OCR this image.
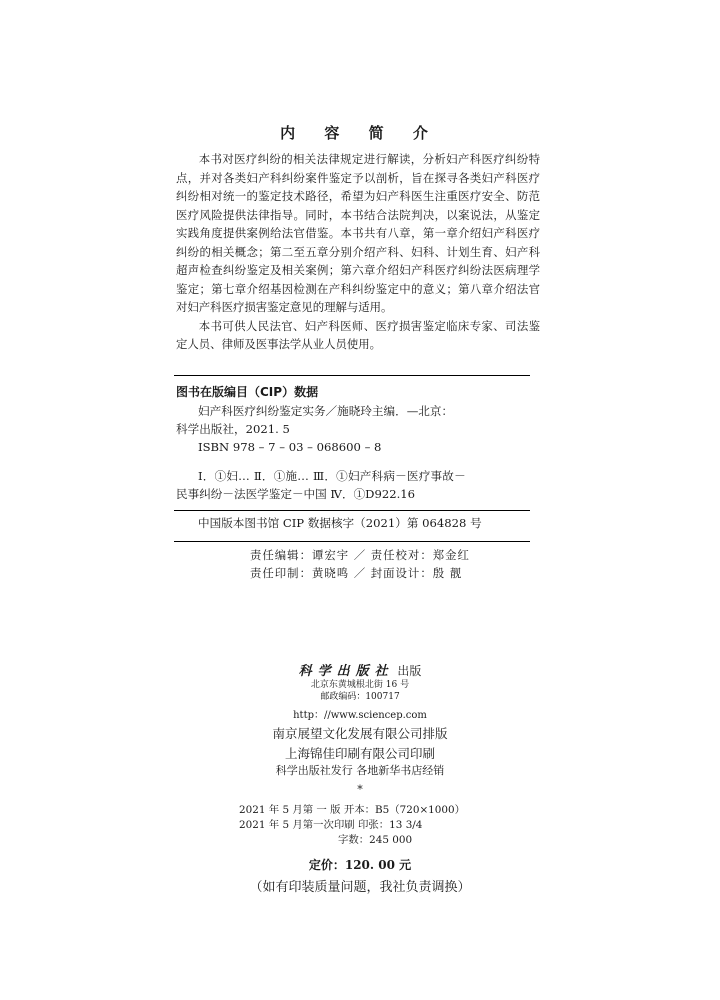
内 容 简 介

本书对医疗纠纷的相关法律规定进行解读，分析妇产科医疗纠纷特点，并对各类妇产科纠纷案件鉴定予以剖析，旨在探寻各类妇产科医疗纠纷相对统一的鉴定技术路径，希望为妇产科医生注重医疗安全、防范医疗风险提供法律指导。同时，本书结合法院判决，以案说法，从鉴定实践角度提供案例给法官借鉴。本书共有八章，第一章介绍妇产科医疗纠纷的相关概念；第二至五章分别介绍产科、妇科、计划生育、妇产科超声检查纠纷鉴定及相关案例；第六章介绍妇产科医疗纠纷法医病理学鉴定；第七章介绍基因检测在产科纠纷鉴定中的意义；第八章介绍法官对妇产科医疗损害鉴定意见的理解与适用。

本书可供人民法官、妇产科医师、医疗损害鉴定临床专家、司法鉴定人员、律师及医事法学从业人员使用。

图书在版编目（CIP）数据
妇产科医疗纠纷鉴定实务／施晓玲主编．—北京：
科学出版社，2021. 5
ISBN 978 – 7 – 03 – 068600 – 8
Ⅰ．①妇… Ⅱ．①施… Ⅲ．①妇产科病－医疗事故－
民事纠纷－法医学鉴定－中国 Ⅳ．①D922.16
中国版本图书馆 CIP 数据核字（2021）第 064828 号
责任编辑：谭宏宇 ／ 责任校对：郑金红
责任印制：黄晓鸣 ／ 封面设计：殷 靓
科学出版社 出版
北京东黄城根北街 16 号
邮政编码：100717
http：//www.sciencep.com
南京展望文化发展有限公司排版
上海锦佳印刷有限公司印刷
科学出版社发行 各地新华书店经销
*
2021 年 5 月第 一 版 开本：B5（720×1000）
2021 年 5 月第一次印刷 印张：13 3/4
字数：245 000
定价：120. 00 元
（如有印装质量问题，我社负责调换）
